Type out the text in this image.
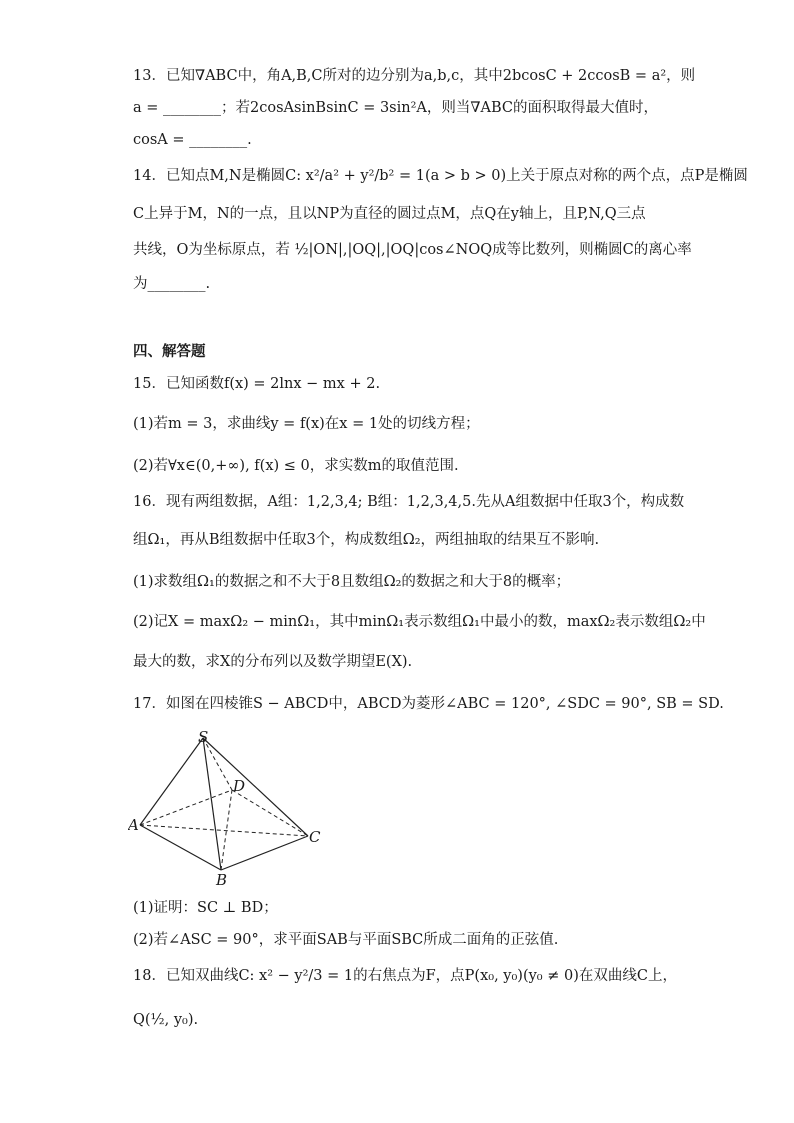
13．已知∇ABC中，角A,B,C所对的边分别为a,b,c，其中2bcosC + 2ccosB = a²，则
a = ________；若2cosAsinBsinC = 3sin²A，则当∇ABC的面积取得最大值时，
cosA = ________.
14．已知点M,N是椭圆C: x²/a² + y²/b² = 1(a > b > 0)上关于原点对称的两个点，点P是椭圆
C上异于M，N的一点，且以NP为直径的圆过点M，点Q在y轴上，且P,N,Q三点
共线，O为坐标原点，若 ½|ON|,|OQ|,|OQ|cos∠NOQ成等比数列，则椭圆C的离心率
为________.
四、解答题
15．已知函数f(x) = 2lnx − mx + 2.
(1)若m = 3，求曲线y = f(x)在x = 1处的切线方程；
(2)若∀x∈(0,+∞), f(x) ≤ 0，求实数m的取值范围.
16．现有两组数据，A组：1,2,3,4; B组：1,2,3,4,5.先从A组数据中任取3个，构成数
组Ω₁，再从B组数据中任取3个，构成数组Ω₂，两组抽取的结果互不影响.
(1)求数组Ω₁的数据之和不大于8且数组Ω₂的数据之和大于8的概率；
(2)记X = maxΩ₂ − minΩ₁，其中minΩ₁表示数组Ω₁中最小的数，maxΩ₂表示数组Ω₂中
最大的数，求X的分布列以及数学期望E(X).
17．如图在四棱锥S − ABCD中，ABCD为菱形∠ABC = 120°, ∠SDC = 90°, SB = SD.
S
D
A
C
B
(1)证明：SC ⊥ BD；
(2)若∠ASC = 90°，求平面SAB与平面SBC所成二面角的正弦值.
18．已知双曲线C: x² − y²/3 = 1的右焦点为F，点P(x₀, y₀)(y₀ ≠ 0)在双曲线C上，
Q(½, y₀).
